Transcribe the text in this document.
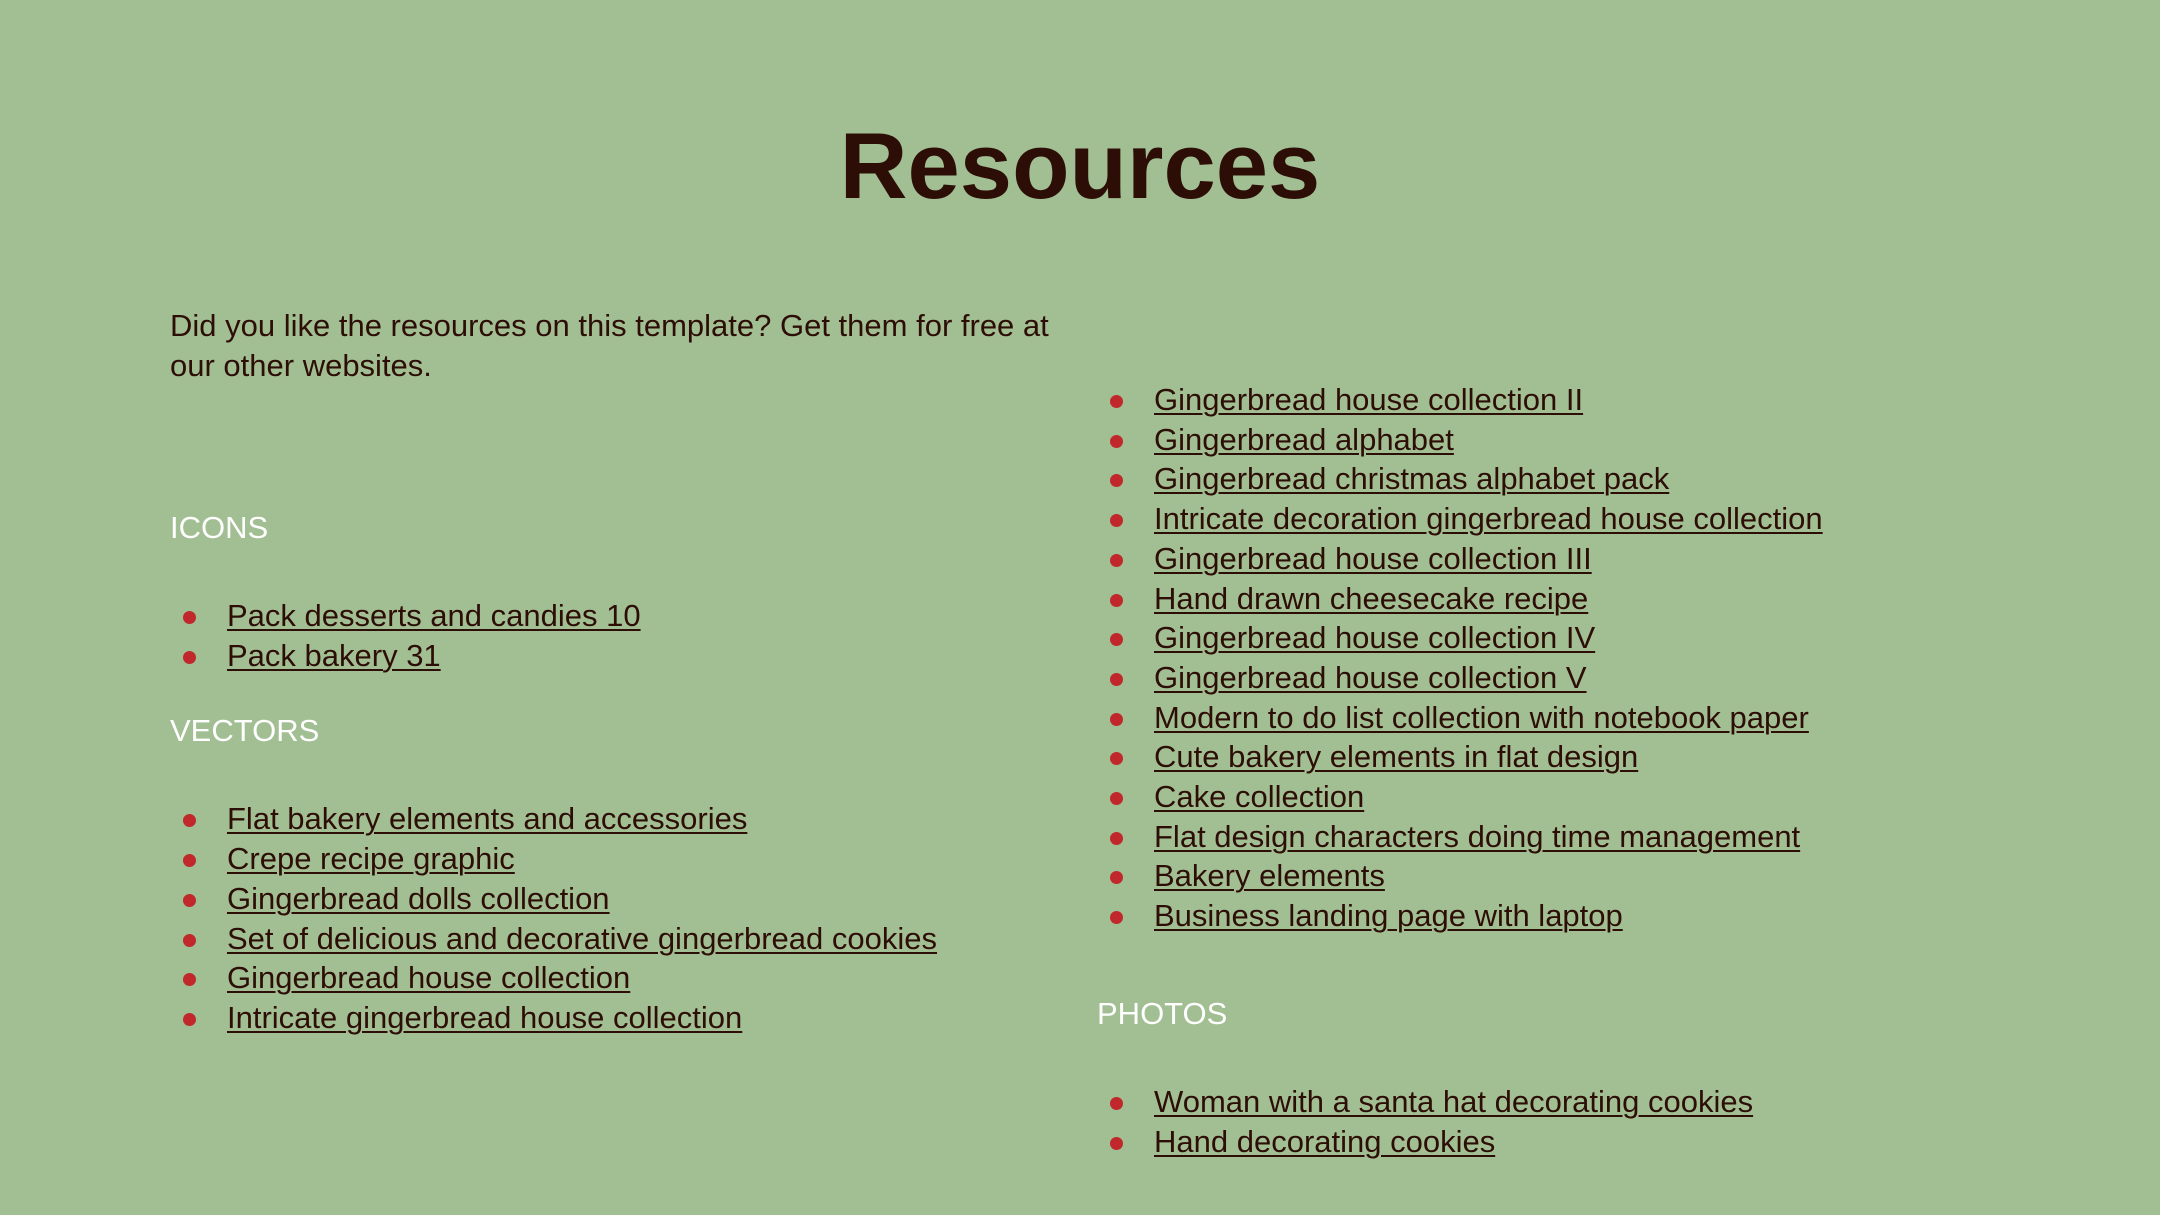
Resources

Did you like the resources on this template? Get them for free at our other websites.

ICONS
Pack desserts and candies 10
Pack bakery 31
VECTORS
Flat bakery elements and accessories
Crepe recipe graphic
Gingerbread dolls collection
Set of delicious and decorative gingerbread cookies
Gingerbread house collection
Intricate gingerbread house collection
Gingerbread house collection II
Gingerbread alphabet
Gingerbread christmas alphabet pack
Intricate decoration gingerbread house collection
Gingerbread house collection III
Hand drawn cheesecake recipe
Gingerbread house collection IV
Gingerbread house collection V
Modern to do list collection with notebook paper
Cute bakery elements in flat design
Cake collection
Flat design characters doing time management
Bakery elements
Business landing page with laptop
PHOTOS
Woman with a santa hat decorating cookies
Hand decorating cookies
